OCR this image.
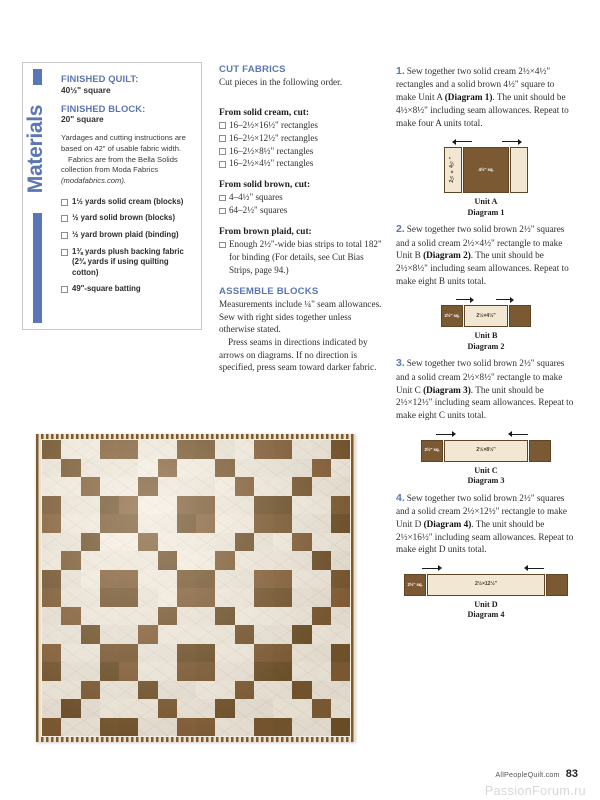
Materials
FINISHED QUILT:
40½" square
FINISHED BLOCK:
20" square
Yardages and cutting instructions are based on 42" of usable fabric width.
Fabrics are from the Bella Solids collection from Moda Fabrics (modafabrics.com).
1½ yards solid cream (blocks)
½ yard solid brown (blocks)
½ yard brown plaid (binding)
1⅜ yards plush backing fabric (2¾ yards if using quilting cotton)
49"-square batting
CUT FABRICS
Cut pieces in the following order.
From solid cream, cut:
16–2½×16½" rectangles
16–2½×12½" rectangles
16–2½×8½" rectangles
16–2½×4½" rectangles
From solid brown, cut:
4–4½" squares
64–2½" squares
From brown plaid, cut:
Enough 2½"-wide bias strips to total 182" for binding (For details, see Cut Bias Strips, page 94.)
ASSEMBLE BLOCKS
Measurements include ¼" seam allowances. Sew with right sides together unless otherwise stated.
Press seams in directions indicated by arrows on diagrams. If no direction is specified, press seam toward darker fabric.

1. Sew together two solid cream 2½×4½" rectangles and a solid brown 4½" square to make Unit A (Diagram 1). The unit should be 4½×8½" including seam allowances. Repeat to make four A units total.

2½×4½"	4½" sq.
Unit A
Diagram 1

2. Sew together two solid brown 2½" squares and a solid cream 2½×4½" rectangle to make Unit B (Diagram 2). The unit should be 2½×8½" including seam allowances. Repeat to make eight B units total.

2½" sq.	2½×4½"
Unit B
Diagram 2

3. Sew together two solid brown 2½" squares and a solid cream 2½×8½" rectangle to make Unit C (Diagram 3). The unit should be 2½×12½" including seam allowances. Repeat to make eight C units total.

2½" sq.	2½×8½"
Unit C
Diagram 3

4. Sew together two solid brown 2½" squares and a solid cream 2½×12½" rectangle to make Unit D (Diagram 4). The unit should be 2½×16½" including seam allowances. Repeat to make eight D units total.

2½" sq.	2½×12½"
Unit D
Diagram 4
AllPeopleQuilt.com 83
PassionForum.ru
